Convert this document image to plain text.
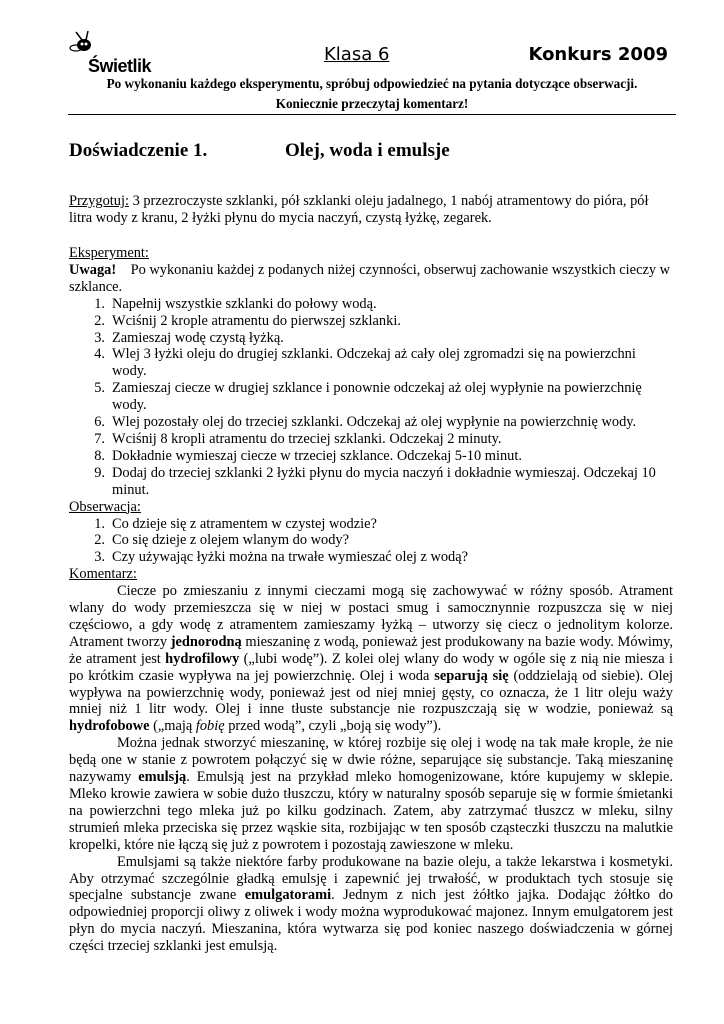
Świetlik
Klasa 6	Konkurs 2009
Po wykonaniu każdego eksperymentu, spróbuj odpowiedzieć na pytania dotyczące obserwacji.
Koniecznie przeczytaj komentarz!
Doświadczenie 1.	Olej, woda i emulsje
Przygotuj: 3 przezroczyste szklanki, pół szklanki oleju jadalnego, 1 nabój atramentowy do pióra, pół litra wody z kranu, 2 łyżki płynu do mycia naczyń, czystą łyżkę, zegarek.
Eksperyment:
Uwaga!    Po wykonaniu każdej z podanych niżej czynności, obserwuj zachowanie wszystkich cieczy w szklance.
1. Napełnij wszystkie szklanki do połowy wodą.
2. Wciśnij 2 krople atramentu do pierwszej szklanki.
3. Zamieszaj wodę czystą łyżką.
4. Wlej 3 łyżki oleju do drugiej szklanki. Odczekaj aż cały olej zgromadzi się na powierzchni wody.
5. Zamieszaj ciecze w drugiej szklance i ponownie odczekaj aż olej wypłynie na powierzchnię wody.
6. Wlej pozostały olej do trzeciej szklanki. Odczekaj aż olej wypłynie na powierzchnię wody.
7. Wciśnij 8 kropli atramentu do trzeciej szklanki. Odczekaj 2 minuty.
8. Dokładnie wymieszaj ciecze w trzeciej szklance. Odczekaj 5-10 minut.
9. Dodaj do trzeciej szklanki 2 łyżki płynu do mycia naczyń i dokładnie wymieszaj. Odczekaj 10 minut.
Obserwacja:
1. Co dzieje się z atramentem w czystej wodzie?
2. Co się dzieje z olejem wlanym do wody?
3. Czy używając łyżki można na trwałe wymieszać olej z wodą?
Komentarz:

Ciecze po zmieszaniu z innymi cieczami mogą się zachowywać w różny sposób. Atrament wlany do wody przemieszcza się w niej w postaci smug i samocznynnie rozpuszcza się w niej częściowo, a gdy wodę z atramentem zamieszamy łyżką – utworzy się ciecz o jednolitym kolorze. Atrament tworzy jednorodną mieszaninę z wodą, ponieważ jest produkowany na bazie wody. Mówimy, że atrament jest hydrofilowy („lubi wodę”). Z kolei olej wlany do wody w ogóle się z nią nie miesza i po krótkim czasie wypływa na jej powierzchnię. Olej i woda separują się (oddzielają od siebie). Olej wypływa na powierzchnię wody, ponieważ jest od niej mniej gęsty, co oznacza, że 1 litr oleju waży mniej niż 1 litr wody. Olej i inne tłuste substancje nie rozpuszczają się w wodzie, ponieważ są hydrofobowe („mają fobię przed wodą”, czyli „boją się wody”).

Można jednak stworzyć mieszaninę, w której rozbije się olej i wodę na tak małe krople, że nie będą one w stanie z powrotem połączyć się w dwie różne, separujące się substancje. Taką mieszaninę nazywamy emulsją. Emulsją jest na przykład mleko homogenizowane, które kupujemy w sklepie. Mleko krowie zawiera w sobie dużo tłuszczu, który w naturalny sposób separuje się w formie śmietanki na powierzchni tego mleka już po kilku godzinach. Zatem, aby zatrzymać tłuszcz w mleku, silny strumień mleka przeciska się przez wąskie sita, rozbijając w ten sposób cząsteczki tłuszczu na malutkie kropelki, które nie łączą się już z powrotem i pozostają zawieszone w mleku.

Emulsjami są także niektóre farby produkowane na bazie oleju, a także lekarstwa i kosmetyki. Aby otrzymać szczególnie gładką emulsję i zapewnić jej trwałość, w produktach tych stosuje się specjalne substancje zwane emulgatorami. Jednym z nich jest żółtko jajka. Dodając żółtko do odpowiedniej proporcji oliwy z oliwek i wody można wyprodukować majonez. Innym emulgatorem jest płyn do mycia naczyń. Mieszanina, która wytwarza się pod koniec naszego doświadczenia w górnej części trzeciej szklanki jest emulsją.
